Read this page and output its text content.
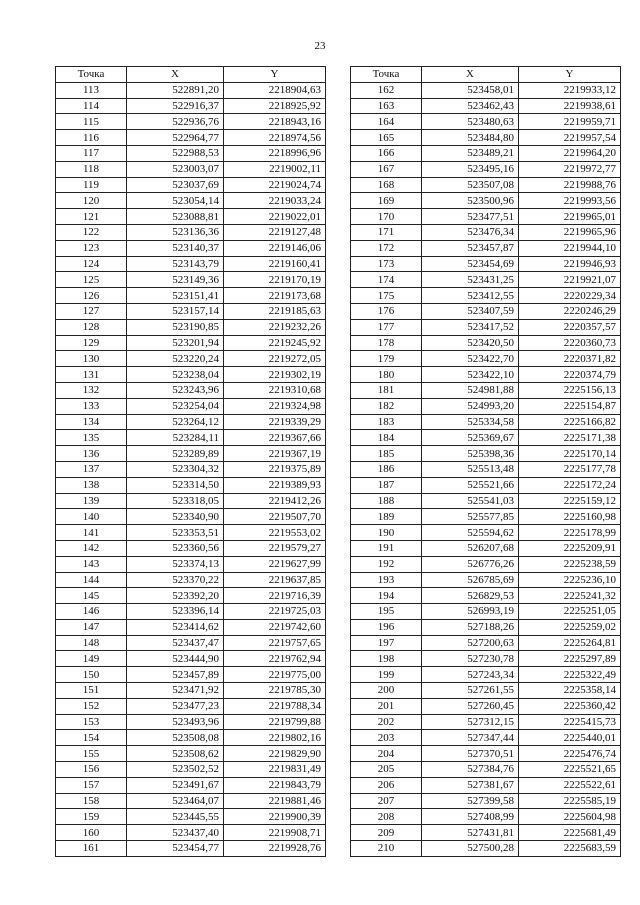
23
Точка	X	Y
113	522891,20	2218904,63
114	522916,37	2218925,92
115	522936,76	2218943,16
116	522964,77	2218974,56
117	522988,53	2218996,96
118	523003,07	2219002,11
119	523037,69	2219024,74
120	523054,14	2219033,24
121	523088,81	2219022,01
122	523136,36	2219127,48
123	523140,37	2219146,06
124	523143,79	2219160,41
125	523149,36	2219170,19
126	523151,41	2219173,68
127	523157,14	2219185,63
128	523190,85	2219232,26
129	523201,94	2219245,92
130	523220,24	2219272,05
131	523238,04	2219302,19
132	523243,96	2219310,68
133	523254,04	2219324,98
134	523264,12	2219339,29
135	523284,11	2219367,66
136	523289,89	2219367,19
137	523304,32	2219375,89
138	523314,50	2219389,93
139	523318,05	2219412,26
140	523340,90	2219507,70
141	523353,51	2219553,02
142	523360,56	2219579,27
143	523374,13	2219627,99
144	523370,22	2219637,85
145	523392,20	2219716,39
146	523396,14	2219725,03
147	523414,62	2219742,60
148	523437,47	2219757,65
149	523444,90	2219762,94
150	523457,89	2219775,00
151	523471,92	2219785,30
152	523477,23	2219788,34
153	523493,96	2219799,88
154	523508,08	2219802,16
155	523508,62	2219829,90
156	523502,52	2219831,49
157	523491,67	2219843,79
158	523464,07	2219881,46
159	523445,55	2219900,39
160	523437,40	2219908,71
161	523454,77	2219928,76
Точка	X	Y
162	523458,01	2219933,12
163	523462,43	2219938,61
164	523480,63	2219959,71
165	523484,80	2219957,54
166	523489,21	2219964,20
167	523495,16	2219972,77
168	523507,08	2219988,76
169	523500,96	2219993,56
170	523477,51	2219965,01
171	523476,34	2219965,96
172	523457,87	2219944,10
173	523454,69	2219946,93
174	523431,25	2219921,07
175	523412,55	2220229,34
176	523407,59	2220246,29
177	523417,52	2220357,57
178	523420,50	2220360,73
179	523422,70	2220371,82
180	523422,10	2220374,79
181	524981,88	2225156,13
182	524993,20	2225154,87
183	525334,58	2225166,82
184	525369,67	2225171,38
185	525398,36	2225170,14
186	525513,48	2225177,78
187	525521,66	2225172,24
188	525541,03	2225159,12
189	525577,85	2225160,98
190	525594,62	2225178,99
191	526207,68	2225209,91
192	526776,26	2225238,59
193	526785,69	2225236,10
194	526829,53	2225241,32
195	526993,19	2225251,05
196	527188,26	2225259,02
197	527200,63	2225264,81
198	527230,78	2225297,89
199	527243,34	2225322,49
200	527261,55	2225358,14
201	527260,45	2225360,42
202	527312,15	2225415,73
203	527347,44	2225440,01
204	527370,51	2225476,74
205	527384,76	2225521,65
206	527381,67	2225522,61
207	527399,58	2225585,19
208	527408,99	2225604,98
209	527431,81	2225681,49
210	527500,28	2225683,59
